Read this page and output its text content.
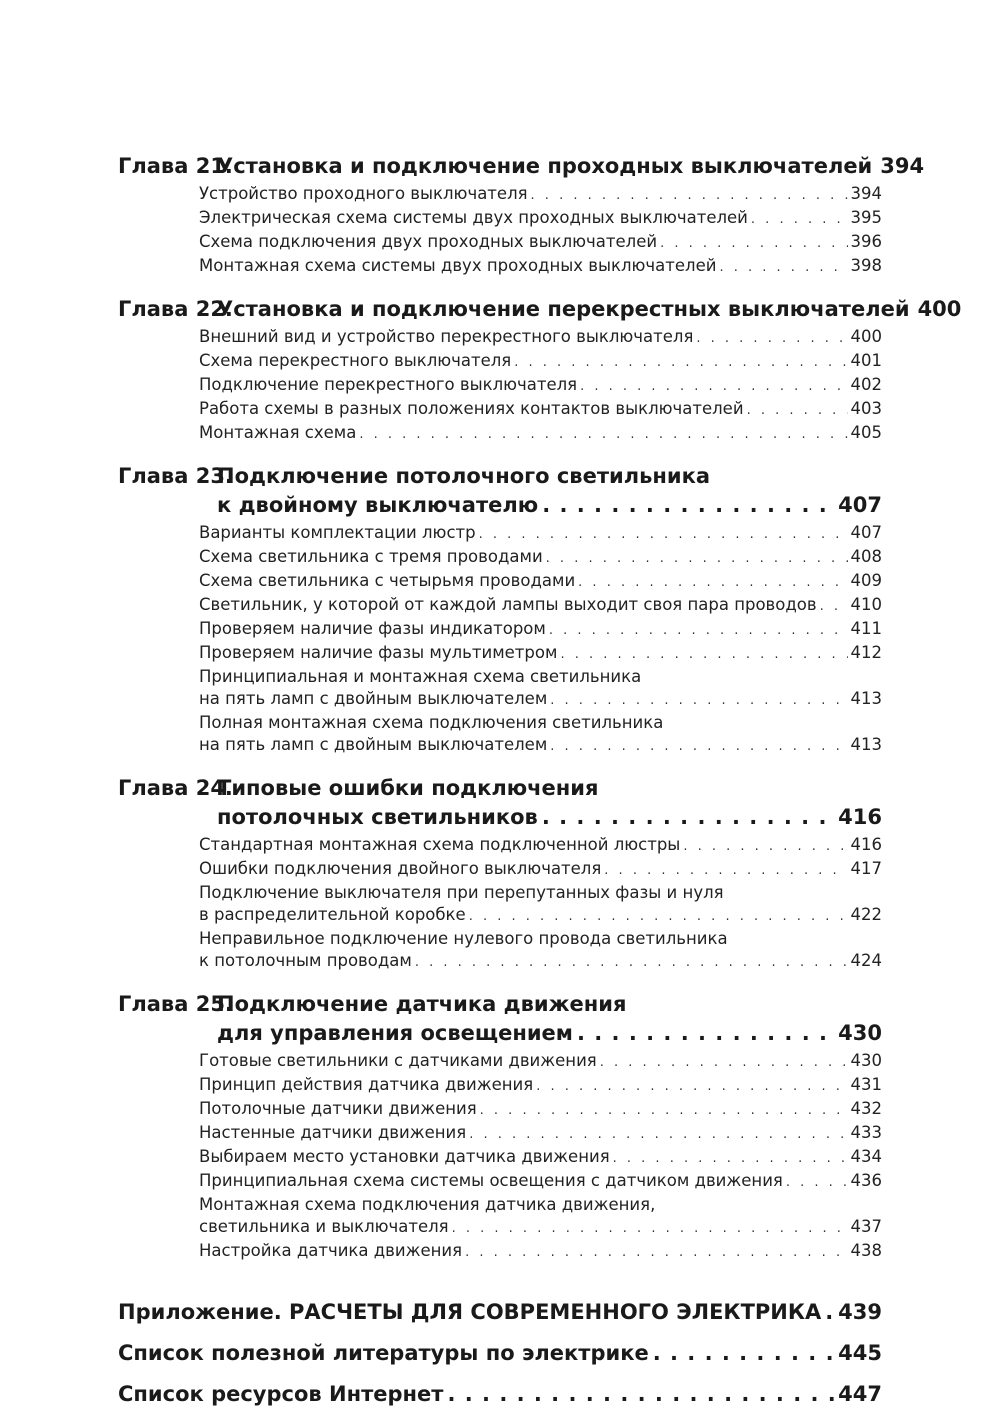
Глава 21.
Установка и подключение проходных выключателей 394
Устройство проходного выключателя . . .	394
Электрическая схема системы двух проходных выключателей . . .	395
Схема подключения двух проходных выключателей . . .	396
Монтажная схема системы двух проходных выключателей . . .	398
Глава 22.
Установка и подключение перекрестных выключателей 400
Внешний вид и устройство перекрестного выключателя . . .	400
Схема перекрестного выключателя . . .	401
Подключение перекрестного выключателя . . .	402
Работа схемы в разных положениях контактов выключателей . . .	403
Монтажная схема . . .	405
Глава 23.
Подключение потолочного светильника
к двойному выключателю . . .	407
Варианты комплектации люстр . . .	407
Схема светильника с тремя проводами . . .	408
Схема светильника с четырьмя проводами . . .	409
Светильник, у которой от каждой лампы выходит своя пара проводов . . . 410
Проверяем наличие фазы индикатором . . .	411
Проверяем наличие фазы мультиметром . . .	412
Принципиальная и монтажная схема светильника
на пять ламп с двойным выключателем . . .	413
Полная монтажная схема подключения светильника
на пять ламп с двойным выключателем . . .	413
Глава 24.
Типовые ошибки подключения
потолочных светильников . . .	416
Стандартная монтажная схема подключенной люстры . . .	416
Ошибки подключения двойного выключателя . . .	417
Подключение выключателя при перепутанных фазы и нуля
в распределительной коробке . . .	422
Неправильное подключение нулевого провода светильника
к потолочным проводам . . .	424
Глава 25.
Подключение датчика движения
для управления освещением . . .	430
Готовые светильники с датчиками движения . . .	430
Принцип действия датчика движения . . .	431
Потолочные датчики движения . . .	432
Настенные датчики движения . . .	433
Выбираем место установки датчика движения . . .	434
Принципиальная схема системы освещения с датчиком движения . . .	436
Монтажная схема подключения датчика движения,
светильника и выключателя . . .	437
Настройка датчика движения . . .	438
Приложение. РАСЧЕТЫ ДЛЯ СОВРЕМЕННОГО ЭЛЕКТРИКА . . . 439
Список полезной литературы по электрике . . .	445
Список ресурсов Интернет . . .	447
